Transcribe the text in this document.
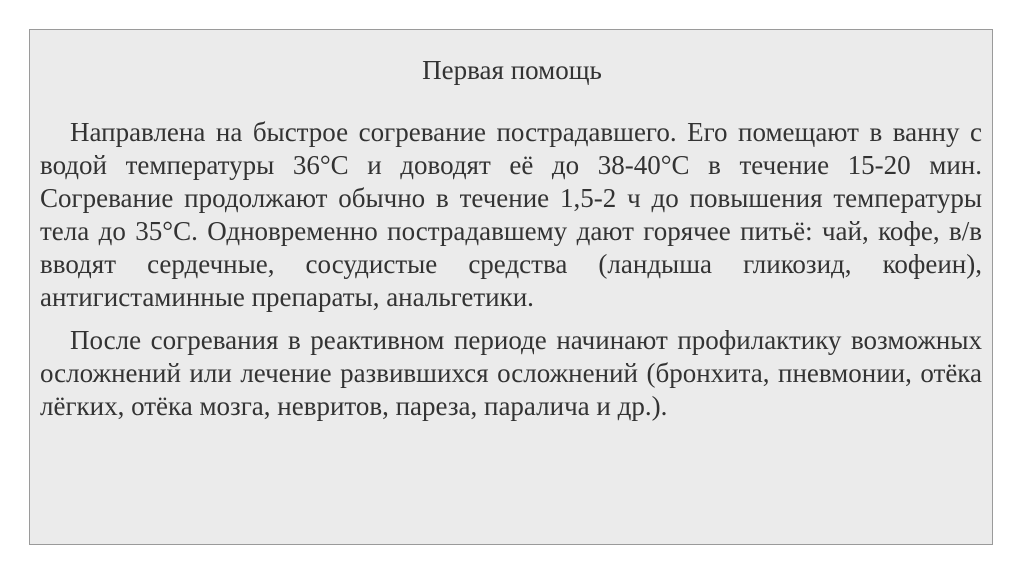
Первая помощь

Направлена на быстрое согревание пострадавшего. Его помещают в ванну с водой температуры 36°С и доводят её до 38-40°С в течение 15-20 мин. Согревание продолжают обычно в течение 1,5-2 ч до повышения температуры тела до 35°С. Одновременно пострадавшему дают горячее питьё: чай, кофе, в/в вводят сердечные, сосудистые средства (ландыша гликозид, кофеин), антигистаминные препараты, анальгетики.

После согревания в реактивном периоде начинают профилактику возможных осложнений или лечение развившихся осложнений (бронхита, пневмонии, отёка лёгких, отёка мозга, невритов, пареза, паралича и др.).
